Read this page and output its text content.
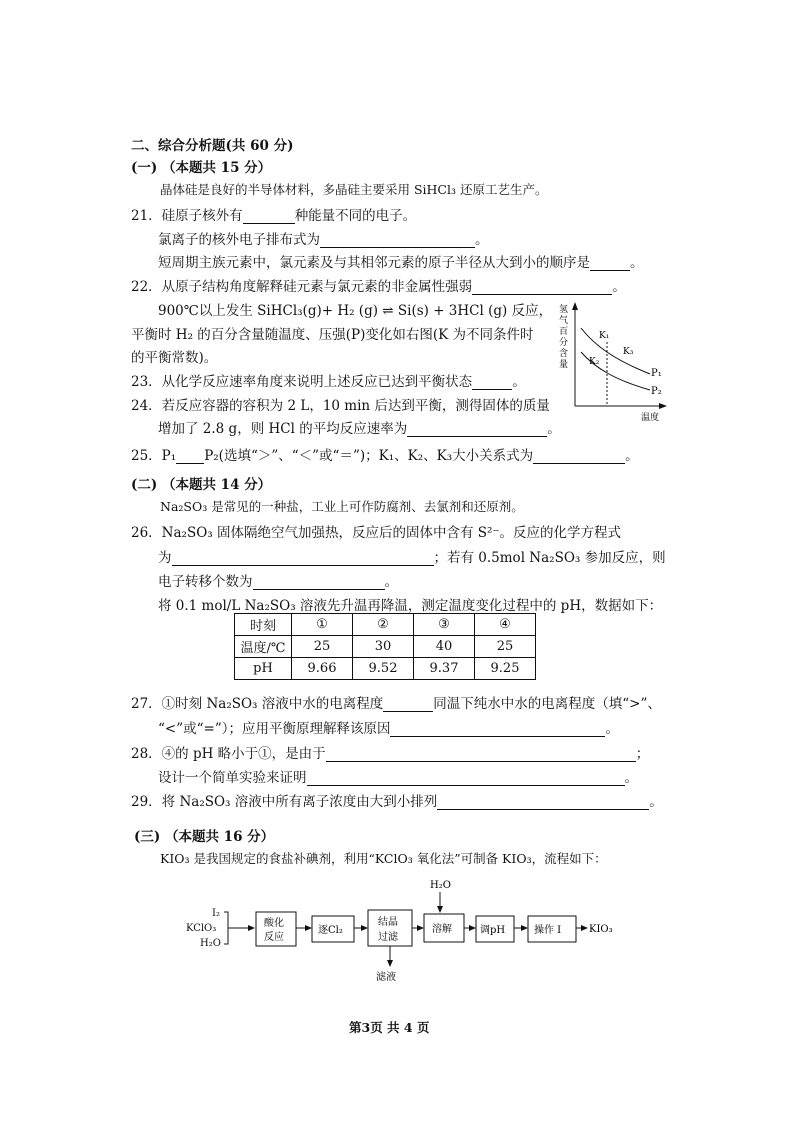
二、综合分析题(共 60 分)
(一) （本题共 15 分）
晶体硅是良好的半导体材料，多晶硅主要采用 SiHCl₃ 还原工艺生产。
21．硅原子核外有	种能量不同的电子。
氯离子的核外电子排布式为	。
短周期主族元素中，氯元素及与其相邻元素的原子半径从大到小的顺序是	。
22．从原子结构角度解释硅元素与氯元素的非金属性强弱	。
900℃以上发生 SiHCl₃(g)+ H₂ (g) ⇌ Si(s) + 3HCl (g) 反应，
平衡时 H₂ 的百分含量随温度、压强(P)变化如右图(K 为不同条件时
的平衡常数)。
23．从化学反应速率角度来说明上述反应已达到平衡状态	。
24．若反应容器的容积为 2 L，10 min 后达到平衡，测得固体的质量
增加了 2.8 g，则 HCl 的平均反应速率为	。
25．P₁ P₂(选填“＞”、“＜”或“＝”)；K₁、K₂、K₃大小关系式为	。
氢
气
百
分
含
量
K₁
K₂
K₃
P₁
P₂
温度
(二) （本题共 14 分）
Na₂SO₃ 是常见的一种盐，工业上可作防腐剂、去氯剂和还原剂。
26．Na₂SO₃ 固体隔绝空气加强热，反应后的固体中含有 S²⁻。反应的化学方程式
为	；若有 0.5mol Na₂SO₃ 参加反应，则
电子转移个数为	。
将 0.1 mol/L Na₂SO₃ 溶液先升温再降温，测定温度变化过程中的 pH，数据如下：
时刻	①	②	③	④
温度/℃	25	30	40	25
pH	9.66	9.52	9.37	9.25
27．①时刻 Na₂SO₃ 溶液中水的电离程度	同温下纯水中水的电离程度（填“>”、
“<”或“=”）；应用平衡原理解释该原因	。
28．④的 pH 略小于①，是由于	；
设计一个简单实验来证明	。
29．将 Na₂SO₃ 溶液中所有离子浓度由大到小排列	。
(三) （本题共 16 分）
KIO₃ 是我国规定的食盐补碘剂，利用“KClO₃ 氧化法”可制备 KIO₃，流程如下：
I₂
KClO₃
H₂O
酸化
反应
逐Cl₂
结晶
过滤
滤液
H₂O
溶解	调pH	操作 I	KIO₃
第3页 共 4 页
